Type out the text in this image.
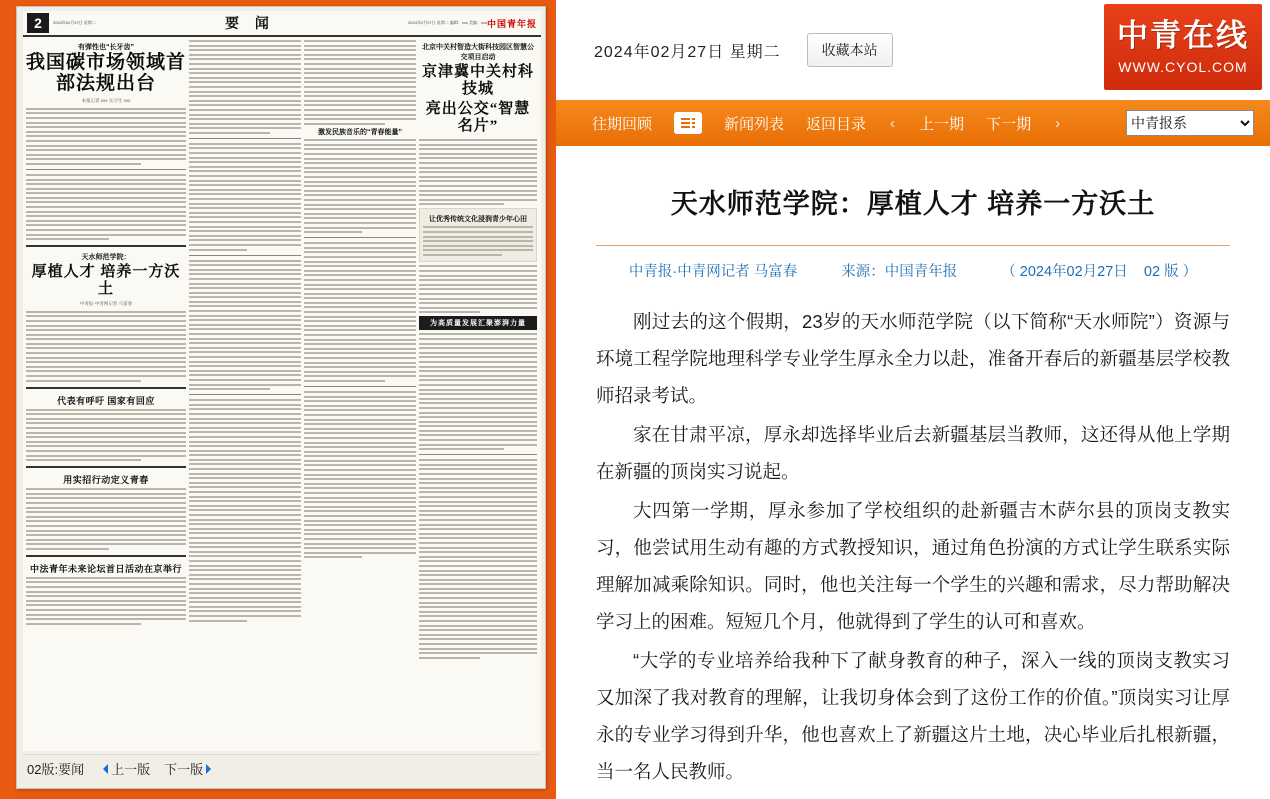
2	2024年02月27日 星期二	要 闻	2024年2月27日 星期二 编辑：xxx 美编：xxx 中国青年报
有弹性也“长牙齿”
我国碳市场领域首部法规出台
本报记者 xxx 实习生 xxx
天水师范学院：
厚植人才 培养一方沃土
中青报·中青网记者 马富春
代表有呼吁 国家有回应
用实招行动定义青春
中法青年未来论坛首日活动在京举行
激发民族音乐的“青春能量”
北京中关村智造大街科技园区智慧公交项目启动
京津冀中关村科技城
亮出公交“智慧名片”
让优秀传统文化浸润青少年心田
为高质量发展汇聚澎湃力量
02版:要闻 上一版 下一版
2024年02月27日 星期二	收藏本站	中青在线
WWW.CYOL.COM
往期回顾	新闻列表 返回目录 ‹ 上一期 下一期 ›
中青报系
天水师范学院：厚植人才 培养一方沃土
中青报·中青网记者 马富春	来源：中国青年报	（ 2024年02月27日 02 版 ）

刚过去的这个假期，23岁的天水师范学院（以下简称“天水师院”）资源与环境工程学院地理科学专业学生厚永全力以赴，准备开春后的新疆基层学校教师招录考试。

家在甘肃平凉，厚永却选择毕业后去新疆基层当教师，这还得从他上学期在新疆的顶岗实习说起。

大四第一学期，厚永参加了学校组织的赴新疆吉木萨尔县的顶岗支教实习，他尝试用生动有趣的方式教授知识，通过角色扮演的方式让学生联系实际理解加减乘除知识。同时，他也关注每一个学生的兴趣和需求，尽力帮助解决学习上的困难。短短几个月，他就得到了学生的认可和喜欢。

“大学的专业培养给我种下了献身教育的种子，深入一线的顶岗支教实习又加深了我对教育的理解，让我切身体会到了这份工作的价值。”顶岗实习让厚永的专业学习得到升华，他也喜欢上了新疆这片土地，决心毕业后扎根新疆，当一名人民教师。
